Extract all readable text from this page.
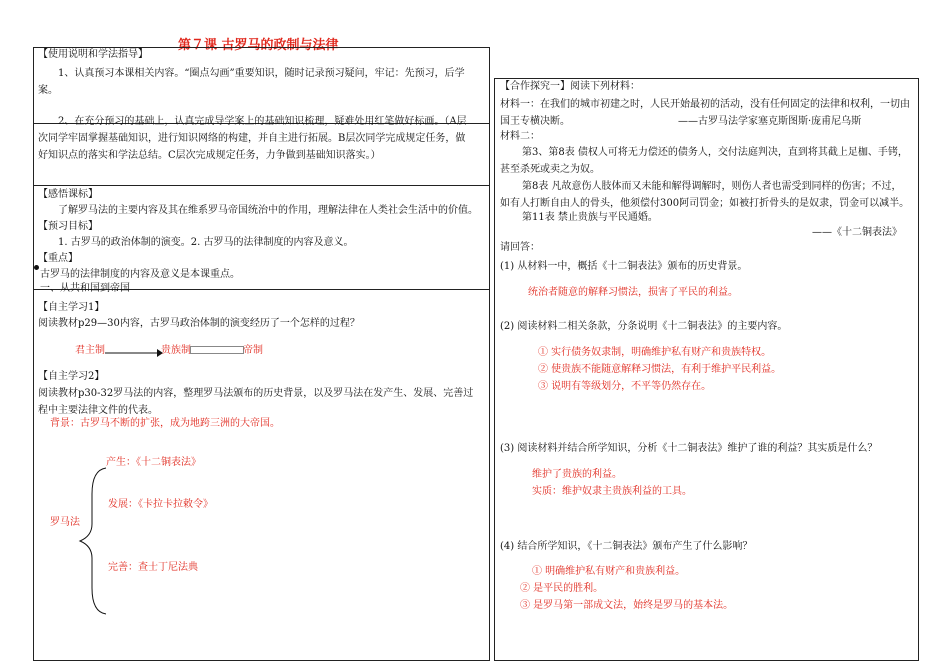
第７课 古罗马的政制与法律
【使用说明和学法指导】
1、认真预习本课相关内容。“圈点勾画”重要知识，随时记录预习疑问，牢记：先预习，后学案。
2、在充分预习的基础上，认真完成导学案上的基础知识梳理，疑难处用红笔做好标画。（A层次同学牢固掌握基础知识，进行知识网络的构建，并自主进行拓展。B层次同学完成规定任务，做好知识点的落实和学法总结。C层次完成规定任务，力争做到基础知识落实。）
【感悟课标】
了解罗马法的主要内容及其在维系罗马帝国统治中的作用，理解法律在人类社会生活中的价值。
【预习目标】
1. 古罗马的政治体制的演变。2. 古罗马的法律制度的内容及意义。
【重点】
古罗马的法律制度的内容及意义是本课重点。
一、从共和国到帝国
【自主学习1】
阅读教材p29—30内容，古罗马政治体制的演变经历了一个怎样的过程？
君主制	贵族制	帝制
【自主学习2】
阅读教材p30-32罗马法的内容，整理罗马法颁布的历史背景，以及罗马法在发产生、发展、完善过程中主要法律文件的代表。
背景：古罗马不断的扩张，成为地跨三洲的大帝国。
罗马法
产生：《十二铜表法》
发展：《卡拉卡拉敕令》
完善：查士丁尼法典
【合作探究一】阅读下列材料：
材料一：在我们的城市初建之时，人民开始最初的活动，没有任何固定的法律和权利，一切由国王专横决断。	——古罗马法学家塞克斯图斯·庞甫尼乌斯
材料二：
第3、第8表 债权人可将无力偿还的债务人，交付法庭判决，直到将其截上足枷、手铐，甚至杀死或卖之为奴。
第8表 凡故意伤人肢体而又未能和解得调解时，则伤人者也需受到同样的伤害；不过，如有人打断自由人的骨头，他须偿付300阿司罚金；如被打折骨头的是奴隶，罚金可以减半。
第11表 禁止贵族与平民通婚。
——《十二铜表法》
请回答：
(1) 从材料一中，概括《十二铜表法》颁布的历史背景。
统治者随意的解释习惯法，损害了平民的利益。
(2) 阅读材料二相关条款，分条说明《十二铜表法》的主要内容。
① 实行债务奴隶制，明确维护私有财产和贵族特权。
② 使贵族不能随意解释习惯法，有利于维护平民利益。
③ 说明有等级划分，不平等仍然存在。
(3) 阅读材料并结合所学知识，分析《十二铜表法》维护了谁的利益？其实质是什么？
维护了贵族的利益。
实质：维护奴隶主贵族利益的工具。
(4) 结合所学知识，《十二铜表法》颁布产生了什么影响？
① 明确维护私有财产和贵族利益。
② 是平民的胜利。
③ 是罗马第一部成文法，始终是罗马的基本法。
